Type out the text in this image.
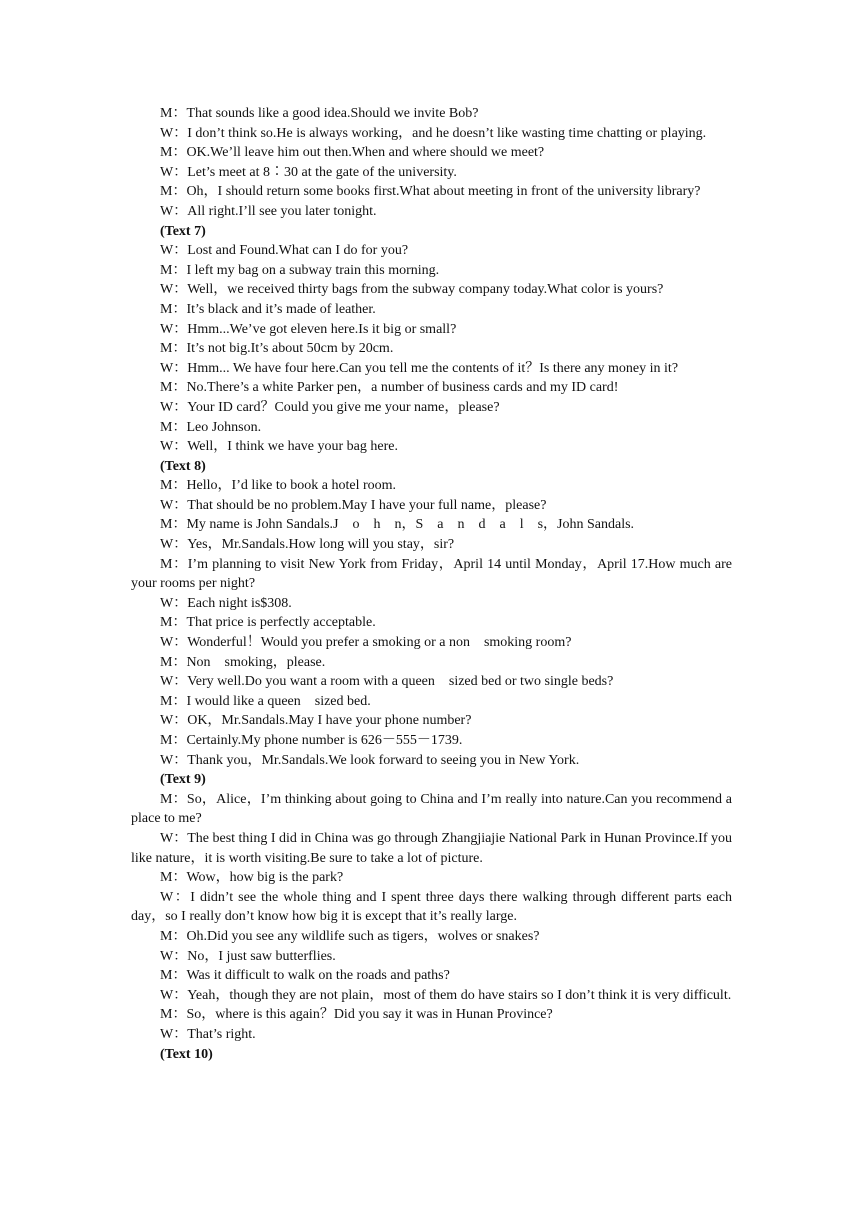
M：That sounds like a good idea.Should we invite Bob?

W：I don’t think so.He is always working，and he doesn’t like wasting time chatting or playing.

M：OK.We’ll leave him out then.When and where should we meet?

W：Let’s meet at 8∶30 at the gate of the university.

M：Oh，I should return some books first.What about meeting in front of the university library?

W：All right.I’ll see you later tonight.

(Text 7)

W：Lost and Found.What can I do for you?

M：I left my bag on a subway train this morning.

W：Well，we received thirty bags from the subway company today.What color is yours?

M：It’s black and it’s made of leather.

W：Hmm...We’ve got eleven here.Is it big or small?

M：It’s not big.It’s about 50cm by 20cm.

W：Hmm... We have four here.Can you tell me the contents of it？Is there any money in it?

M：No.There’s a white Parker pen，a number of business cards and my ID card!

W：Your ID card？Could you give me your name，please?

M：Leo Johnson.

W：Well，I think we have your bag here.

(Text 8)

M：Hello，I’d like to book a hotel room.

W：That should be no problem.May I have your full name，please?

M：My name is John Sandals.J　o　h　n，S　a　n　d　a　l　s，John Sandals.

W：Yes，Mr.Sandals.How long will you stay，sir?

M：I’m planning to visit New York from Friday，April 14 until Monday，April 17.How much are your rooms per night?

W：Each night is$308.

M：That price is perfectly acceptable.

W：Wonderful！Would you prefer a smoking or a non　smoking room?

M：Non　smoking，please.

W：Very well.Do you want a room with a queen　sized bed or two single beds?

M：I would like a queen　sized bed.

W：OK，Mr.Sandals.May I have your phone number?

M：Certainly.My phone number is 626－555－1739.

W：Thank you，Mr.Sandals.We look forward to seeing you in New York.

(Text 9)

M：So，Alice，I’m thinking about going to China and I’m really into nature.Can you recommend a place to me?

W：The best thing I did in China was go through Zhangjiajie National Park in Hunan Province.If you like nature，it is worth visiting.Be sure to take a lot of picture.

M：Wow，how big is the park?

W：I didn’t see the whole thing and I spent three days there walking through different parts each day，so I really don’t know how big it is except that it’s really large.

M：Oh.Did you see any wildlife such as tigers，wolves or snakes?

W：No，I just saw butterflies.

M：Was it difficult to walk on the roads and paths?

W：Yeah，though they are not plain，most of them do have stairs so I don’t think it is very difficult.

M：So，where is this again？Did you say it was in Hunan Province?

W：That’s right.

(Text 10)
